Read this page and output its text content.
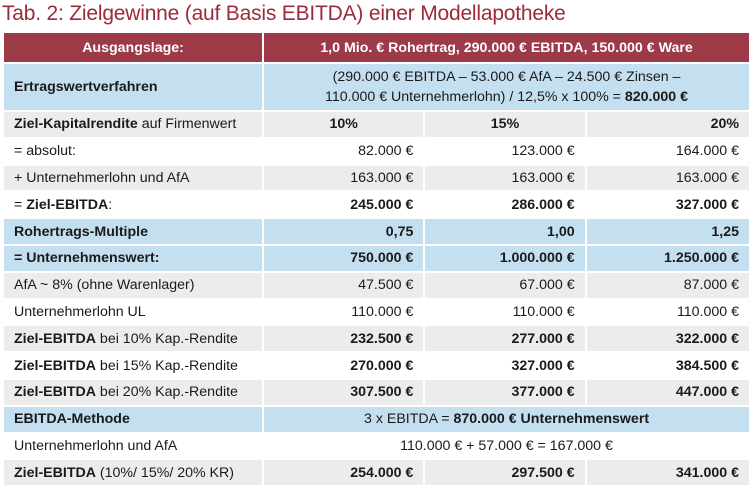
Tab. 2: Zielgewinne (auf Basis EBITDA) einer Modellapotheke
Ausgangslage:	1,0 Mio. € Rohertrag, 290.000 € EBITDA, 150.000 € Ware		
Ertragswertverfahren	(290.000 € EBITDA – 53.000 € AfA – 24.500 € Zinsen –
110.000 € Unternehmerlohn) / 12,5% x 100% = 820.000 €		
Ziel-Kapitalrendite auf Firmenwert	10%	15%	20%
= absolut:	82.000 €	123.000 €	164.000 €
+ Unternehmerlohn und AfA	163.000 €	163.000 €	163.000 €
= Ziel-EBITDA:	245.000 €	286.000 €	327.000 €
Rohertrags-Multiple	0,75	1,00	1,25
= Unternehmenswert:	750.000 €	1.000.000 €	1.250.000 €
AfA ~ 8% (ohne Warenlager)	47.500 €	67.000 €	87.000 €
Unternehmerlohn UL	110.000 €	110.000 €	110.000 €
Ziel-EBITDA bei 10% Kap.-Rendite	232.500 €	277.000 €	322.000 €
Ziel-EBITDA bei 15% Kap.-Rendite	270.000 €	327.000 €	384.500 €
Ziel-EBITDA bei 20% Kap.-Rendite	307.500 €	377.000 €	447.000 €
EBITDA-Methode	3 x EBITDA = 870.000 € Unternehmenswert		
Unternehmerlohn und AfA	110.000 € + 57.000 € = 167.000 €		
Ziel-EBITDA (10%/ 15%/ 20% KR)	254.000 €	297.500 €	341.000 €
